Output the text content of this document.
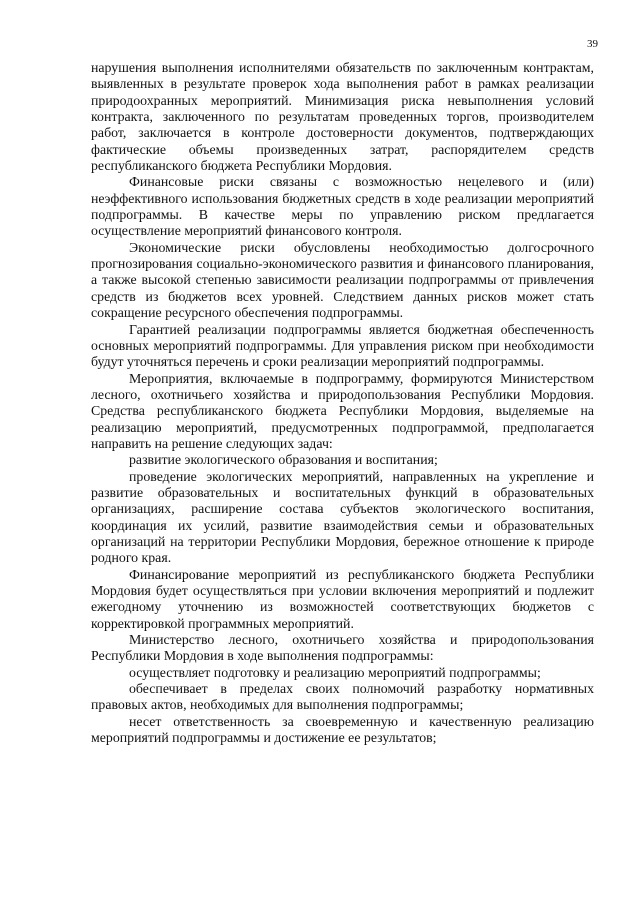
39

нарушения выполнения исполнителями обязательств по заключенным контрактам, выявленных в результате проверок хода выполнения работ в рамках реализации природоохранных мероприятий. Минимизация риска невыполнения условий контракта, заключенного по результатам проведенных торгов, производителем работ, заключается в контроле достоверности документов, подтверждающих фактические объемы произведенных затрат, распорядителем средств республиканского бюджета Республики Мордовия.

Финансовые риски связаны с возможностью нецелевого и (или) неэффективного использования бюджетных средств в ходе реализации мероприятий подпрограммы. В качестве меры по управлению риском предлагается осуществление мероприятий финансового контроля.

Экономические риски обусловлены необходимостью долгосрочного прогнозирования социально-экономического развития и финансового планирования, а также высокой степенью зависимости реализации подпрограммы от привлечения средств из бюджетов всех уровней. Следствием данных рисков может стать сокращение ресурсного обеспечения подпрограммы.

Гарантией реализации подпрограммы является бюджетная обеспеченность основных мероприятий подпрограммы. Для управления риском при необходимости будут уточняться перечень и сроки реализации мероприятий подпрограммы.

Мероприятия, включаемые в подпрограмму, формируются Министерством лесного, охотничьего хозяйства и природопользования Республики Мордовия. Средства республиканского бюджета Республики Мордовия, выделяемые на реализацию мероприятий, предусмотренных подпрограммой, предполагается направить на решение следующих задач:

развитие экологического образования и воспитания;

проведение экологических мероприятий, направленных на укрепление и развитие образовательных и воспитательных функций в образовательных организациях, расширение состава субъектов экологического воспитания, координация их усилий, развитие взаимодействия семьи и образовательных организаций на территории Республики Мордовия, бережное отношение к природе родного края.

Финансирование мероприятий из республиканского бюджета Республики Мордовия будет осуществляться при условии включения мероприятий и подлежит ежегодному уточнению из возможностей соответствующих бюджетов с корректировкой программных мероприятий.

Министерство лесного, охотничьего хозяйства и природопользования Республики Мордовия в ходе выполнения подпрограммы:

осуществляет подготовку и реализацию мероприятий подпрограммы;

обеспечивает в пределах своих полномочий разработку нормативных правовых актов, необходимых для выполнения подпрограммы;

несет ответственность за своевременную и качественную реализацию мероприятий подпрограммы и достижение ее результатов;
